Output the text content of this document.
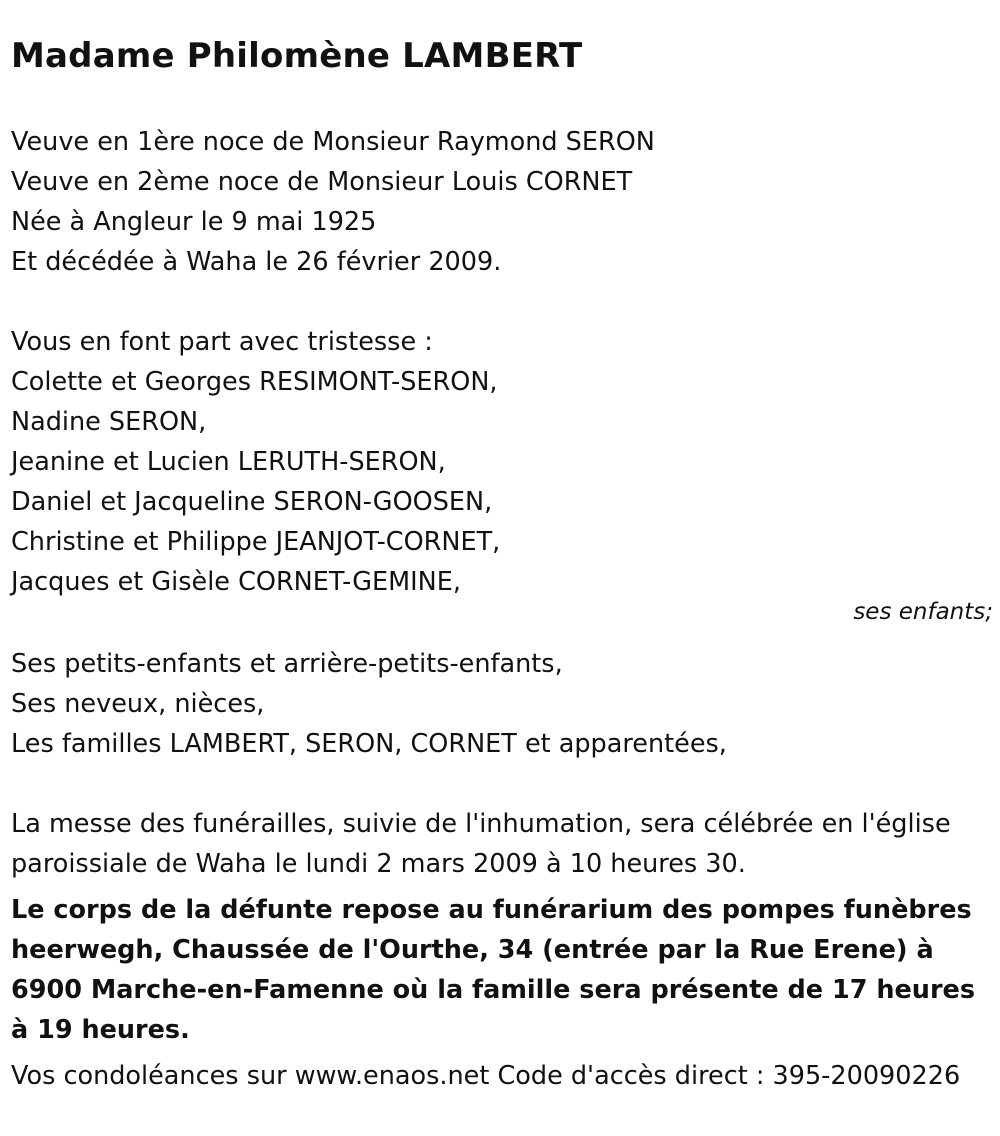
Madame Philomène LAMBERT

Veuve en 1ère noce de Monsieur Raymond SERON

Veuve en 2ème noce de Monsieur Louis CORNET

Née à Angleur le 9 mai 1925

Et décédée à Waha le 26 février 2009.

Vous en font part avec tristesse :

Colette et Georges RESIMONT-SERON,

Nadine SERON,

Jeanine et Lucien LERUTH-SERON,

Daniel et Jacqueline SERON-GOOSEN,

Christine et Philippe JEANJOT-CORNET,

Jacques et Gisèle CORNET-GEMINE,

ses enfants;

Ses petits-enfants et arrière-petits-enfants,

Ses neveux, nièces,

Les familles LAMBERT, SERON, CORNET et apparentées,

La messe des funérailles, suivie de l'inhumation, sera célébrée en l'église paroissiale de Waha le lundi 2 mars 2009 à 10 heures 30.

Le corps de la défunte repose au funérarium des pompes funèbres heerwegh, Chaussée de l'Ourthe, 34 (entrée par la Rue Erene) à 6900 Marche-en-Famenne où la famille sera présente de 17 heures à 19 heures.

Vos condoléances sur www.enaos.net Code d'accès direct : 395-20090226
